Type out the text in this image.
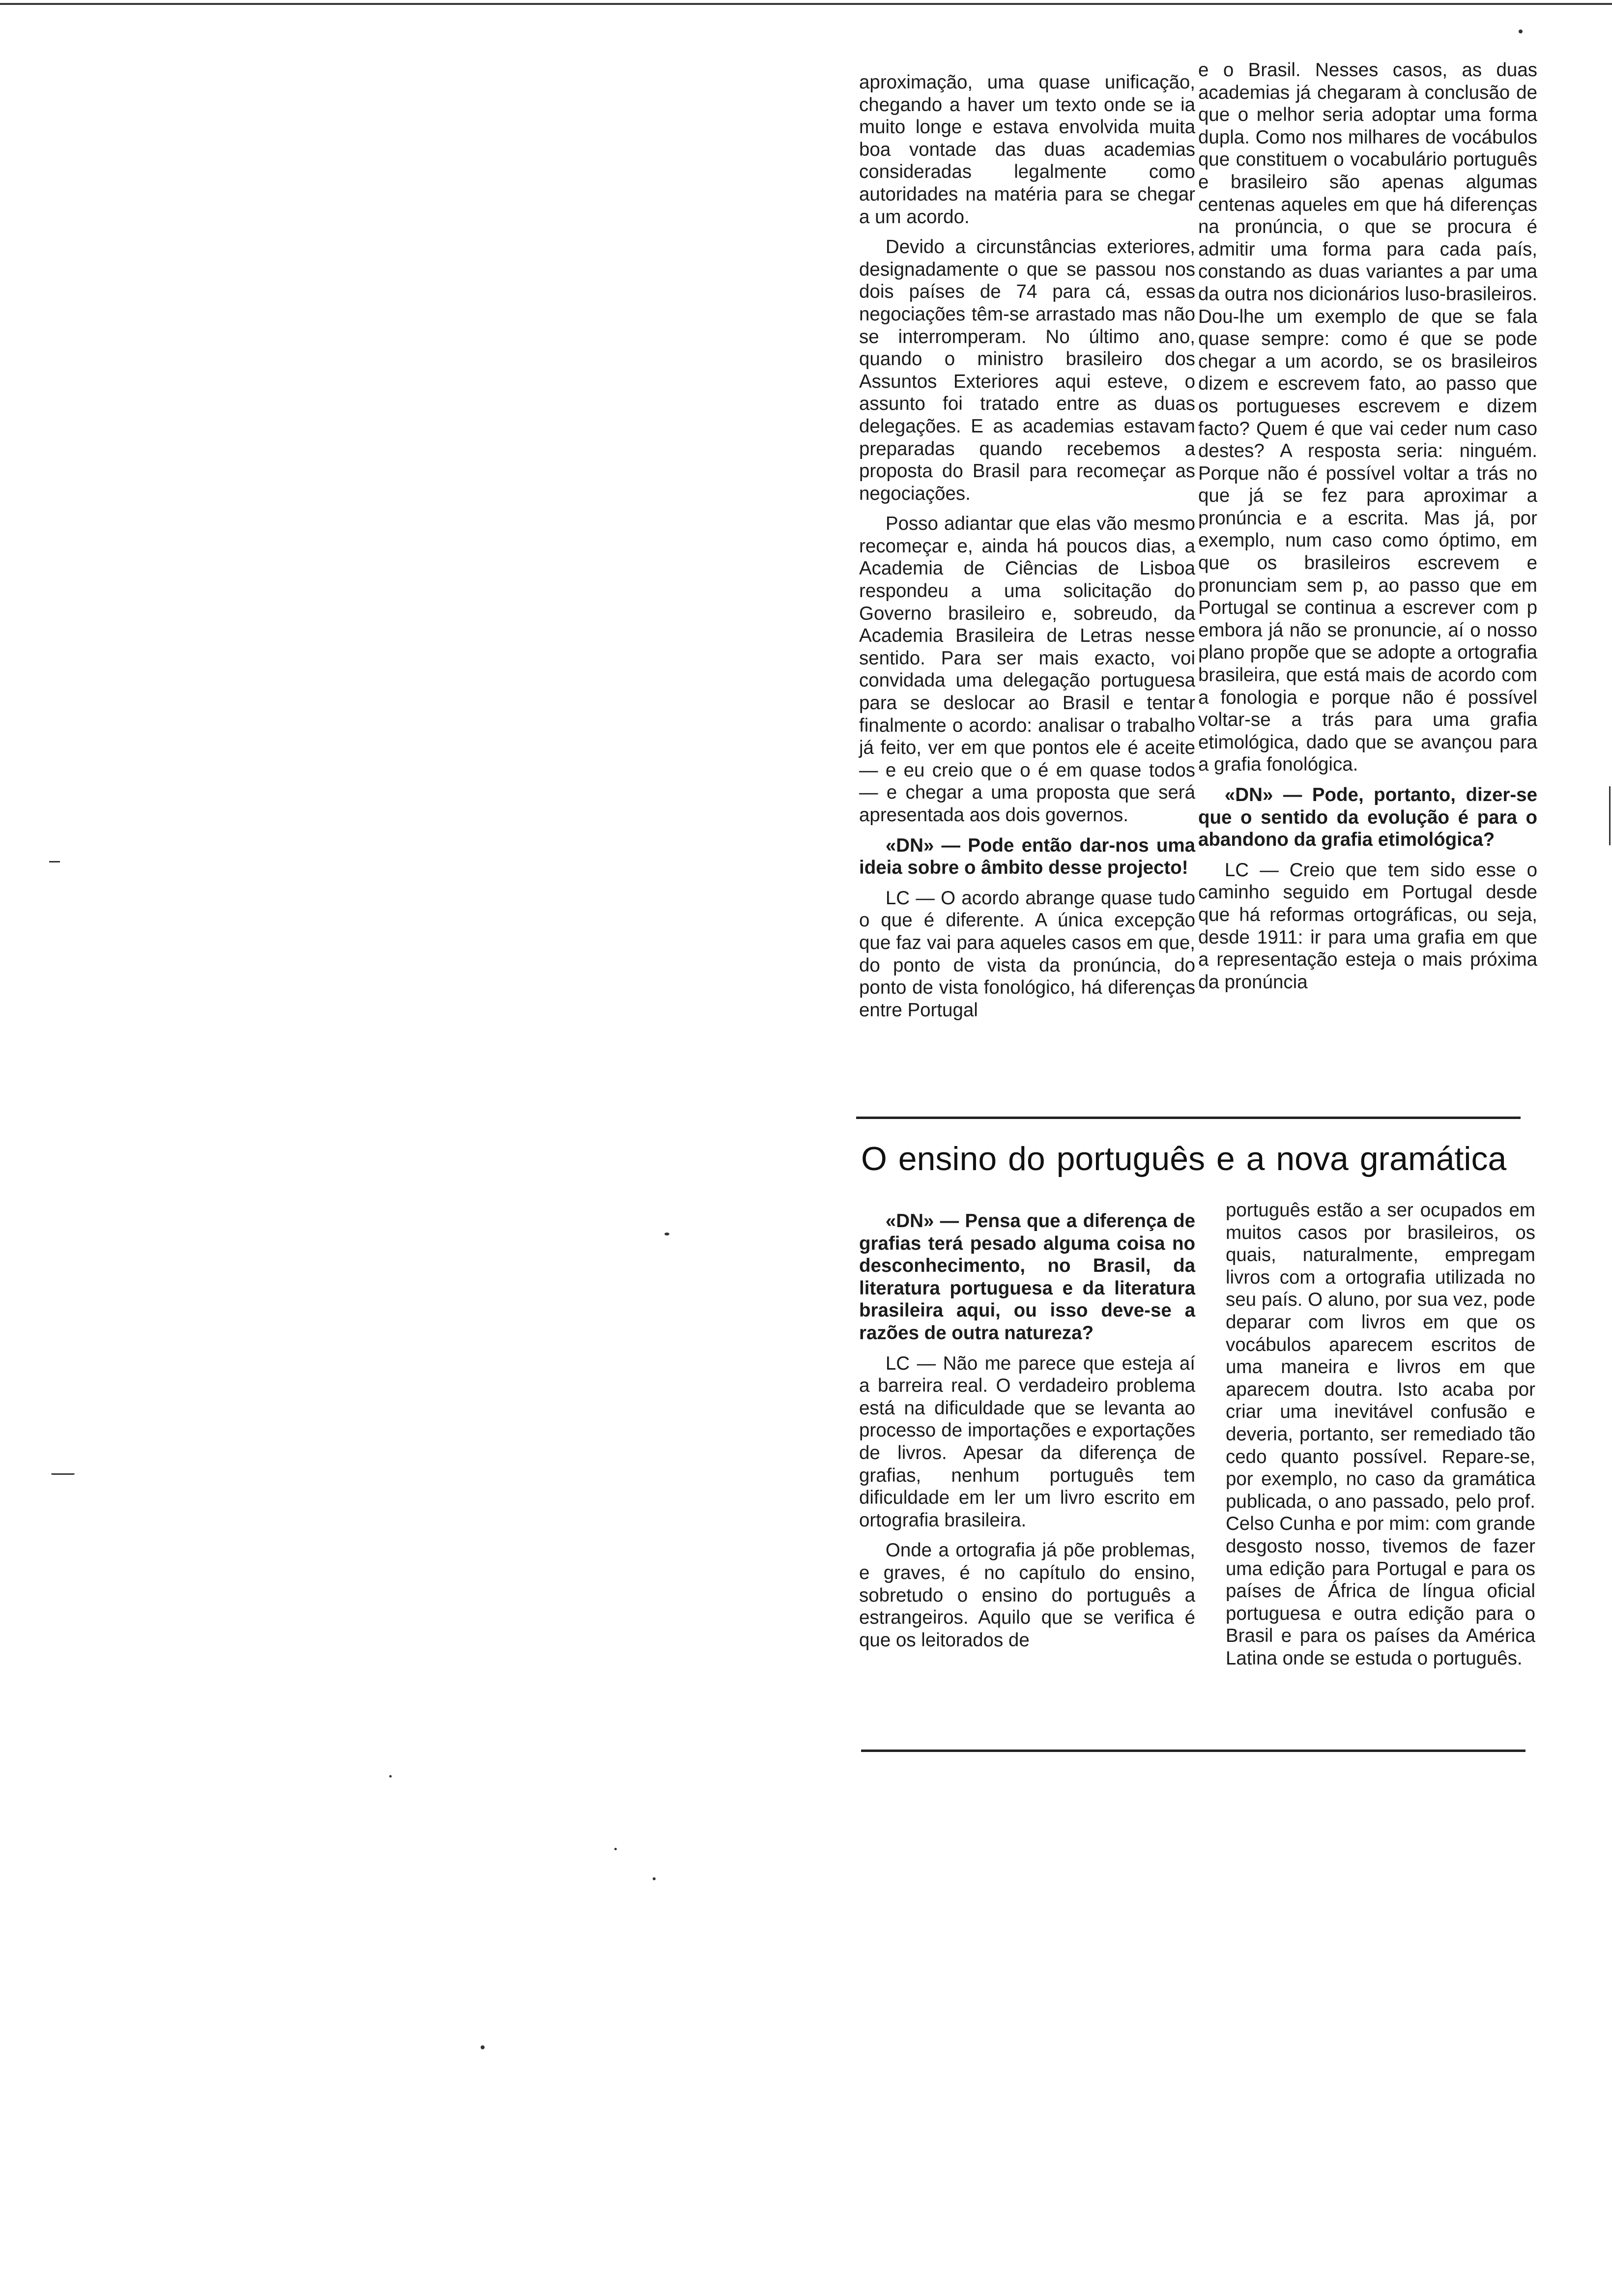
aproximação, uma quase unificação, chegando a haver um texto onde se ia muito longe e estava envolvida muita boa vontade das duas academias consideradas legalmente como autoridades na matéria para se chegar a um acordo.

Devido a circunstâncias exteriores, designadamente o que se passou nos dois países de 74 para cá, essas negociações têm-se arrastado mas não se interromperam. No último ano, quando o ministro brasileiro dos Assuntos Exteriores aqui esteve, o assunto foi tratado entre as duas delegações. E as academias estavam preparadas quando recebemos a proposta do Brasil para recomeçar as negociações.

Posso adiantar que elas vão mesmo recomeçar e, ainda há poucos dias, a Academia de Ciências de Lisboa respondeu a uma solicitação do Governo brasileiro e, sobreudo, da Academia Brasileira de Letras nesse sentido. Para ser mais exacto, voi convidada uma delegação portuguesa para se deslocar ao Brasil e tentar finalmente o acordo: analisar o trabalho já feito, ver em que pontos ele é aceite — e eu creio que o é em quase todos — e chegar a uma proposta que será apresentada aos dois governos.

«DN» — Pode então dar-nos uma ideia sobre o âmbito desse projecto!

LC — O acordo abrange quase tudo o que é diferente. A única excepção que faz vai para aqueles casos em que, do ponto de vista da pronúncia, do ponto de vista fonológico, há diferenças entre Portugal

e o Brasil. Nesses casos, as duas academias já chegaram à conclusão de que o melhor seria adoptar uma forma dupla. Como nos milhares de vocábulos que constituem o vocabulário português e brasileiro são apenas algumas centenas aqueles em que há diferenças na pronúncia, o que se procura é admitir uma forma para cada país, constando as duas variantes a par uma da outra nos dicionários luso-brasileiros. Dou-lhe um exemplo de que se fala quase sempre: como é que se pode chegar a um acordo, se os brasileiros dizem e escrevem fato, ao passo que os portugueses escrevem e dizem facto? Quem é que vai ceder num caso destes? A resposta seria: ninguém. Porque não é possível voltar a trás no que já se fez para aproximar a pronúncia e a escrita. Mas já, por exemplo, num caso como óptimo, em que os brasileiros escrevem e pronunciam sem p, ao passo que em Portugal se continua a escrever com p embora já não se pronuncie, aí o nosso plano propõe que se adopte a ortografia brasileira, que está mais de acordo com a fonologia e porque não é possível voltar-se a trás para uma grafia etimológica, dado que se avançou para a grafia fonológica.

«DN» — Pode, portanto, dizer-se que o sentido da evolução é para o abandono da grafia etimológica?

LC — Creio que tem sido esse o caminho seguido em Portugal desde que há reformas ortográficas, ou seja, desde 1911: ir para uma grafia em que a representação esteja o mais próxima da pronúncia

O ensino do português e a nova gramática

«DN» — Pensa que a diferença de grafias terá pesado alguma coisa no desconhecimento, no Brasil, da literatura portuguesa e da literatura brasileira aqui, ou isso deve-se a razões de outra natureza?

LC — Não me parece que esteja aí a barreira real. O verdadeiro problema está na dificuldade que se levanta ao processo de importações e exportações de livros. Apesar da diferença de grafias, nenhum português tem dificuldade em ler um livro escrito em ortografia brasileira.

Onde a ortografia já põe problemas, e graves, é no capítulo do ensino, sobretudo o ensino do português a estrangeiros. Aquilo que se verifica é que os leitorados de

português estão a ser ocupados em muitos casos por brasileiros, os quais, naturalmente, empregam livros com a ortografia utilizada no seu país. O aluno, por sua vez, pode deparar com livros em que os vocábulos aparecem escritos de uma maneira e livros em que aparecem doutra. Isto acaba por criar uma inevitável confusão e deveria, portanto, ser remediado tão cedo quanto possível. Repare-se, por exemplo, no caso da gramática publicada, o ano passado, pelo prof. Celso Cunha e por mim: com grande desgosto nosso, tivemos de fazer uma edição para Portugal e para os países de África de língua oficial portuguesa e outra edição para o Brasil e para os países da América Latina onde se estuda o português.
